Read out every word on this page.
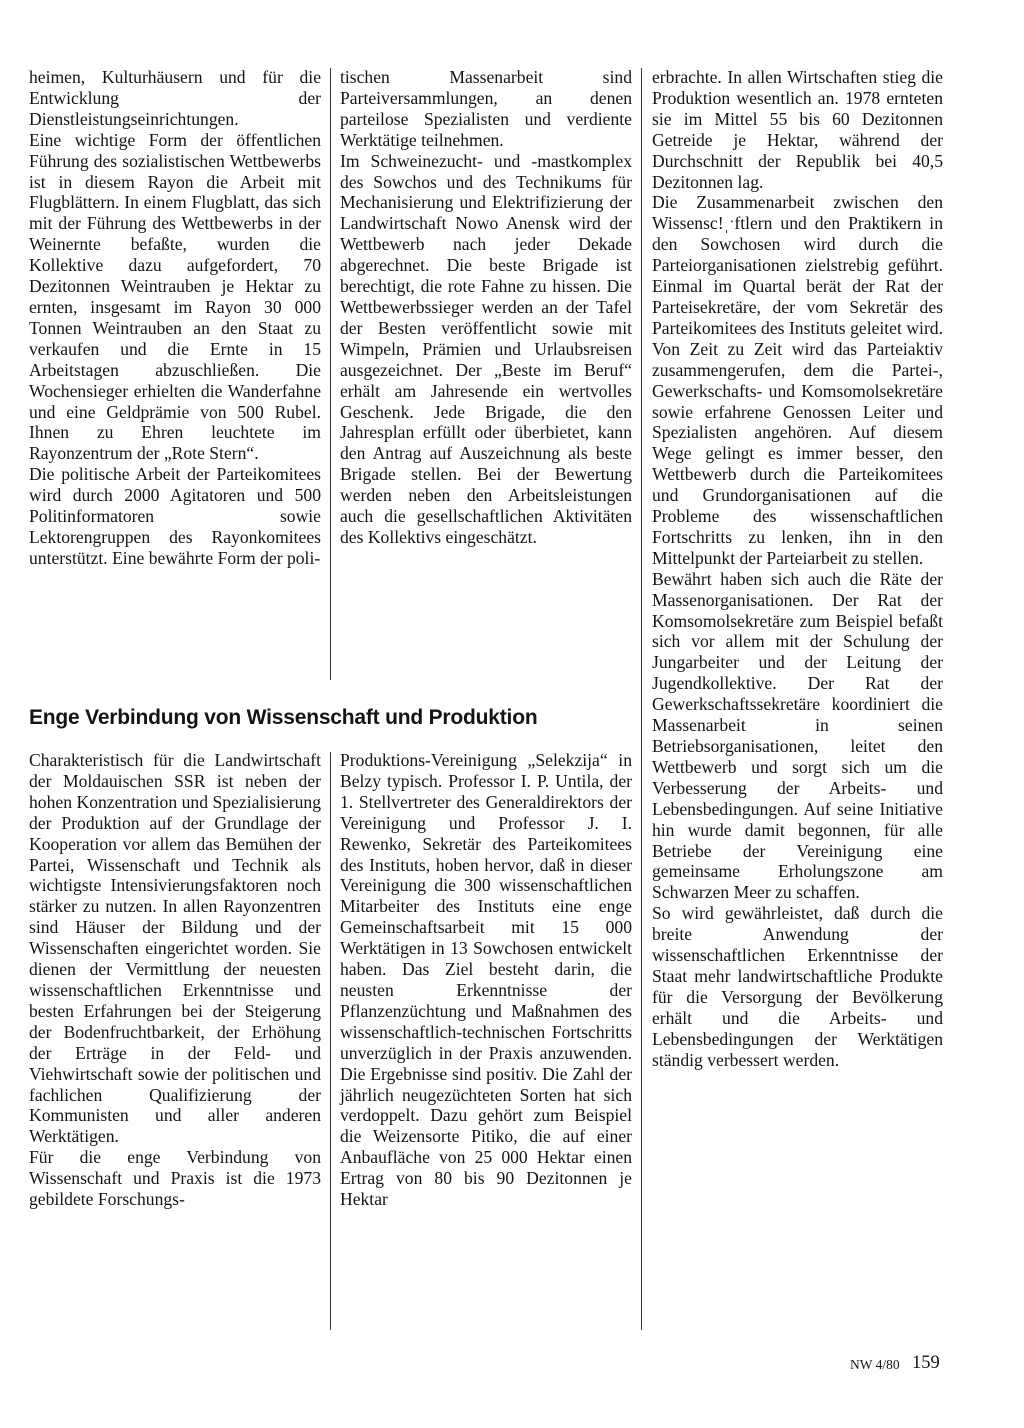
heimen, Kulturhäusern und für die Entwicklung der Dienstleistungseinrichtungen.

Eine wichtige Form der öffentlichen Führung des sozialistischen Wettbewerbs ist in diesem Rayon die Arbeit mit Flugblättern. In einem Flugblatt, das sich mit der Führung des Wettbewerbs in der Weinernte befaßte, wurden die Kollektive dazu aufgefordert, 70 Dezitonnen Weintrauben je Hektar zu ernten, insgesamt im Rayon 30 000 Tonnen Weintrauben an den Staat zu verkaufen und die Ernte in 15 Arbeitstagen abzuschließen. Die Wochensieger erhielten die Wanderfahne und eine Geldprämie von 500 Rubel. Ihnen zu Ehren leuchtete im Rayonzentrum der „Rote Stern“.

Die politische Arbeit der Parteikomitees wird durch 2000 Agitatoren und 500 Politinformatoren sowie Lektorengruppen des Rayonkomitees unterstützt. Eine bewährte Form der poli-

tischen Massenarbeit sind Parteiversammlungen, an denen parteilose Spezialisten und verdiente Werktätige teilnehmen.

Im Schweinezucht- und -mastkomplex des Sowchos und des Technikums für Mechanisierung und Elektrifizierung der Landwirtschaft Nowo Anensk wird der Wettbewerb nach jeder Dekade abgerechnet. Die beste Brigade ist berechtigt, die rote Fahne zu hissen. Die Wettbewerbssieger werden an der Tafel der Besten veröffentlicht sowie mit Wimpeln, Prämien und Urlaubsreisen ausgezeichnet. Der „Beste im Beruf“ erhält am Jahresende ein wertvolles Geschenk. Jede Brigade, die den Jahresplan erfüllt oder überbietet, kann den Antrag auf Auszeichnung als beste Brigade stellen. Bei der Bewertung werden neben den Arbeitsleistungen auch die gesellschaftlichen Aktivitäten des Kollektivs eingeschätzt.

Enge Verbindung von Wissenschaft und Produktion

Charakteristisch für die Landwirtschaft der Moldauischen SSR ist neben der hohen Konzentration und Spezialisierung der Produktion auf der Grundlage der Kooperation vor allem das Bemühen der Partei, Wissenschaft und Technik als wichtigste Intensivierungsfaktoren noch stärker zu nutzen. In allen Rayonzentren sind Häuser der Bildung und der Wissenschaften eingerichtet worden. Sie dienen der Vermittlung der neuesten wissenschaftlichen Erkenntnisse und besten Erfahrungen bei der Steigerung der Bodenfruchtbarkeit, der Erhöhung der Erträge in der Feld- und Viehwirtschaft sowie der politischen und fachlichen Qualifizierung der Kommunisten und aller anderen Werktätigen.

Für die enge Verbindung von Wissenschaft und Praxis ist die 1973 gebildete Forschungs-

Produktions-Vereinigung „Selekzija“ in Belzy typisch. Professor I. P. Untila, der 1. Stellvertreter des Generaldirektors der Vereinigung und Professor J. I. Rewenko, Sekretär des Parteikomitees des Instituts, hoben hervor, daß in dieser Vereinigung die 300 wissenschaftlichen Mitarbeiter des Instituts eine enge Gemeinschaftsarbeit mit 15 000 Werktätigen in 13 Sowchosen entwickelt haben. Das Ziel besteht darin, die neusten Erkenntnisse der Pflanzenzüchtung und Maßnahmen des wissenschaftlich-technischen Fortschritts unverzüglich in der Praxis anzuwenden. Die Ergebnisse sind positiv. Die Zahl der jährlich neugezüchteten Sorten hat sich verdoppelt. Dazu gehört zum Beispiel die Weizensorte Pitiko, die auf einer Anbaufläche von 25 000 Hektar einen Ertrag von 80 bis 90 Dezitonnen je Hektar

erbrachte. In allen Wirtschaften stieg die Produktion wesentlich an. 1978 ernteten sie im Mittel 55 bis 60 Dezitonnen Getreide je Hektar, während der Durchschnitt der Republik bei 40,5 Dezitonnen lag.

Die Zusammenarbeit zwischen den Wissensc!ˌˑftlern und den Praktikern in den Sowchosen wird durch die Parteiorganisationen zielstrebig geführt. Einmal im Quartal berät der Rat der Parteisekretäre, der vom Sekretär des Parteikomitees des Instituts geleitet wird. Von Zeit zu Zeit wird das Parteiaktiv zusammengerufen, dem die Partei-, Gewerkschafts- und Komsomolsekretäre sowie erfahrene Genossen Leiter und Spezialisten angehören. Auf diesem Wege gelingt es immer besser, den Wettbewerb durch die Parteikomitees und Grundorganisationen auf die Probleme des wissenschaftlichen Fortschritts zu lenken, ihn in den Mittelpunkt der Parteiarbeit zu stellen.

Bewährt haben sich auch die Räte der Massenorganisationen. Der Rat der Komsomolsekretäre zum Beispiel befaßt sich vor allem mit der Schulung der Jungarbeiter und der Leitung der Jugendkollektive. Der Rat der Gewerkschaftssekretäre koordiniert die Massenarbeit in seinen Betriebsorganisationen, leitet den Wettbewerb und sorgt sich um die Verbesserung der Arbeits- und Lebensbedingungen. Auf seine Initiative hin wurde damit begonnen, für alle Betriebe der Vereinigung eine gemeinsame Erholungszone am Schwarzen Meer zu schaffen.

So wird gewährleistet, daß durch die breite Anwendung der wissenschaftlichen Erkenntnisse der Staat mehr landwirtschaftliche Produkte für die Versorgung der Bevölkerung erhält und die Arbeits- und Lebensbedingungen der Werktätigen ständig verbessert werden.

NW 4/80 159
